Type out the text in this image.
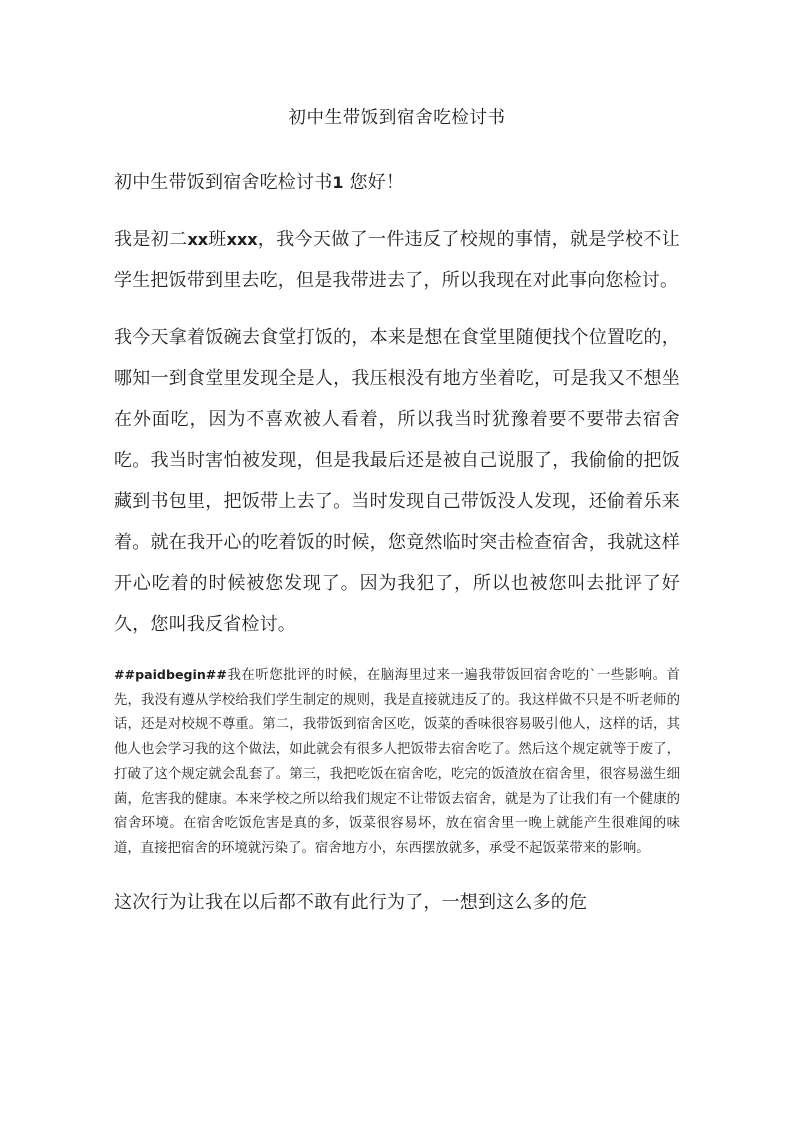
初中生带饭到宿舍吃检讨书

初中生带饭到宿舍吃检讨书1 您好！

我是初二xx班xxx，我今天做了一件违反了校规的事情，就是学校不让学生把饭带到里去吃，但是我带进去了，所以我现在对此事向您检讨。

我今天拿着饭碗去食堂打饭的，本来是想在食堂里随便找个位置吃的，哪知一到食堂里发现全是人，我压根没有地方坐着吃，可是我又不想坐在外面吃，因为不喜欢被人看着，所以我当时犹豫着要不要带去宿舍吃。我当时害怕被发现，但是我最后还是被自己说服了，我偷偷的把饭藏到书包里，把饭带上去了。当时发现自己带饭没人发现，还偷着乐来着。就在我开心的吃着饭的时候，您竟然临时突击检查宿舍，我就这样开心吃着的时候被您发现了。因为我犯了，所以也被您叫去批评了好久，您叫我反省检讨。

##paidbegin##我在听您批评的时候，在脑海里过来一遍我带饭回宿舍吃的`一些影响。首先，我没有遵从学校给我们学生制定的规则，我是直接就违反了的。我这样做不只是不听老师的话，还是对校规不尊重。第二，我带饭到宿舍区吃，饭菜的香味很容易吸引他人，这样的话，其他人也会学习我的这个做法，如此就会有很多人把饭带去宿舍吃了。然后这个规定就等于废了，打破了这个规定就会乱套了。第三，我把吃饭在宿舍吃，吃完的饭渣放在宿舍里，很容易滋生细菌，危害我的健康。本来学校之所以给我们规定不让带饭去宿舍，就是为了让我们有一个健康的宿舍环境。在宿舍吃饭危害是真的多，饭菜很容易坏，放在宿舍里一晚上就能产生很难闻的味道，直接把宿舍的环境就污染了。宿舍地方小，东西摆放就多，承受不起饭菜带来的影响。

这次行为让我在以后都不敢有此行为了，一想到这么多的危
